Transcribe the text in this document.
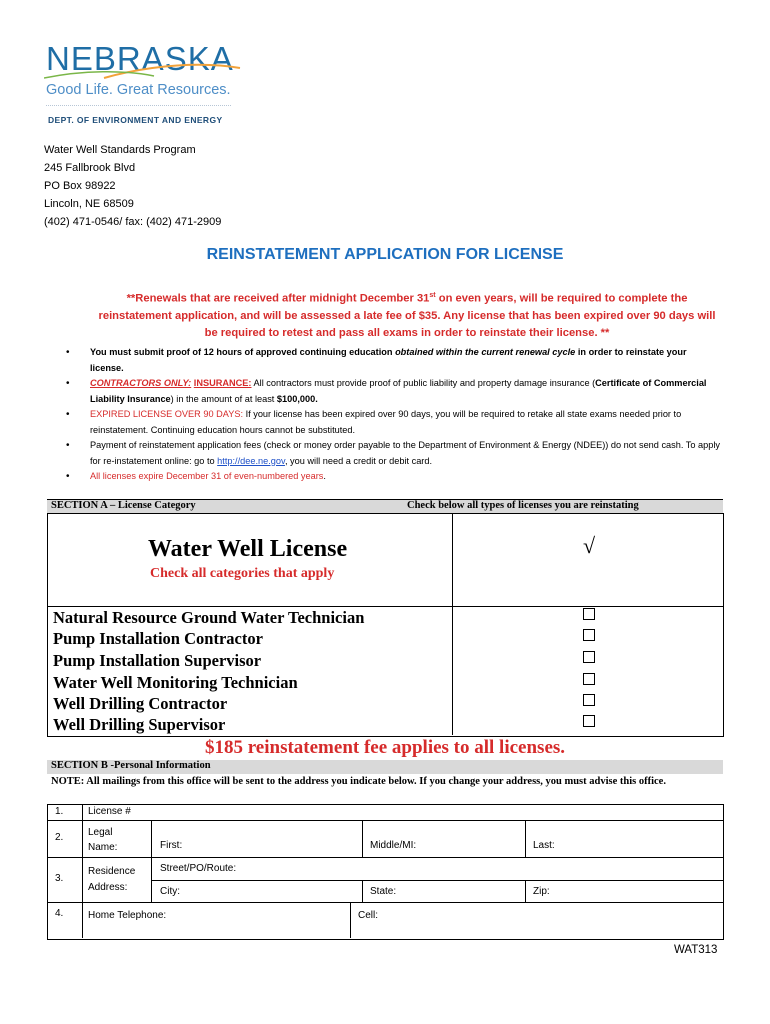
NEBRASKA
Good Life. Great Resources.
DEPT. OF ENVIRONMENT AND ENERGY
Water Well Standards Program
245 Fallbrook Blvd
PO Box 98922
Lincoln, NE 68509
(402) 471-0546/ fax: (402) 471-2909
REINSTATEMENT APPLICATION FOR LICENSE
**Renewals that are received after midnight December 31st on even years, will be required to complete the reinstatement application, and will be assessed a late fee of $35. Any license that has been expired over 90 days will be required to retest and pass all exams in order to reinstate their license. **
• You must submit proof of 12 hours of approved continuing education obtained within the current renewal cycle in order to reinstate your license.
• CONTRACTORS ONLY: INSURANCE: All contractors must provide proof of public liability and property damage insurance (Certificate of Commercial Liability Insurance) in the amount of at least $100,000.
• EXPIRED LICENSE OVER 90 DAYS: If your license has been expired over 90 days, you will be required to retake all state exams needed prior to reinstatement. Continuing education hours cannot be substituted.
• Payment of reinstatement application fees (check or money order payable to the Department of Environment & Energy (NDEE)) do not send cash. To apply for re-instatement online: go to http://dee.ne.gov, you will need a credit or debit card.
• All licenses expire December 31 of even-numbered years.
SECTION A – License Category	Check below all types of licenses you are reinstating
Water Well License
Check all categories that apply
√
Natural Resource Ground Water Technician
Pump Installation Contractor
Pump Installation Supervisor
Water Well Monitoring Technician
Well Drilling Contractor
Well Drilling Supervisor
$185 reinstatement fee applies to all licenses.
SECTION B -Personal Information
NOTE: All mailings from this office will be sent to the address you indicate below. If you change your address, you must advise this office.
1. License #
2. Legal Name:	First:	Middle/MI:	Last:
3.
Residence Address:
Street/PO/Route:
City:	State:	Zip:
4. Home Telephone:	Cell:
WAT313
